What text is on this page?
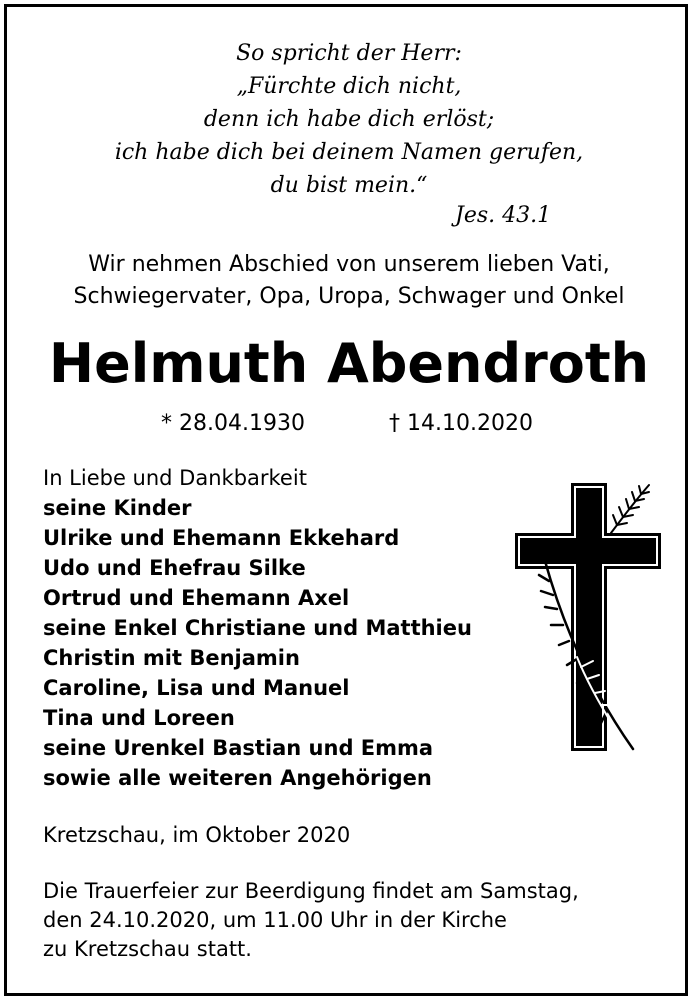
So spricht der Herr:
„Fürchte dich nicht,
denn ich habe dich erlöst;
ich habe dich bei deinem Namen gerufen,
du bist mein.“
Jes. 43.1
Wir nehmen Abschied von unserem lieben Vati,
Schwiegervater, Opa, Uropa, Schwager und Onkel
Helmuth Abendroth
* 28.04.1930	† 14.10.2020
In Liebe und Dankbarkeit
seine Kinder
Ulrike und Ehemann Ekkehard
Udo und Ehefrau Silke
Ortrud und Ehemann Axel
seine Enkel Christiane und Matthieu
Christin mit Benjamin
Caroline, Lisa und Manuel
Tina und Loreen
seine Urenkel Bastian und Emma
sowie alle weiteren Angehörigen
Kretzschau, im Oktober 2020
Die Trauerfeier zur Beerdigung findet am Samstag,
den 24.10.2020, um 11.00 Uhr in der Kirche
zu Kretzschau statt.
